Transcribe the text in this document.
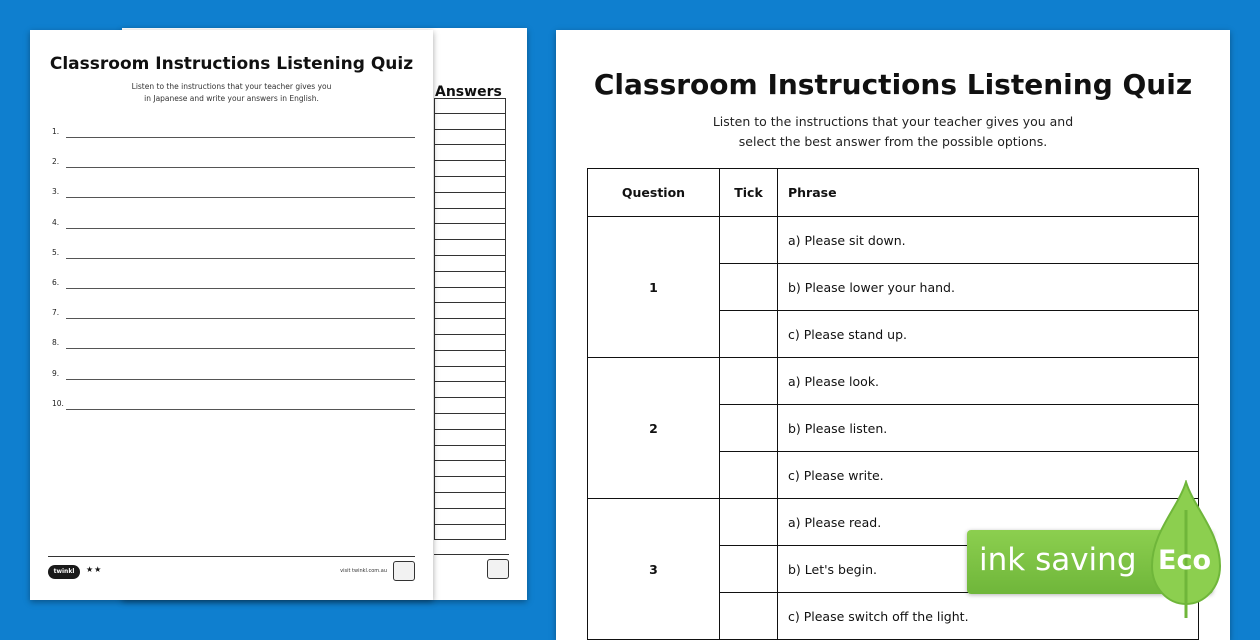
Answers
Classroom Instructions Listening Quiz
Listen to the instructions that your teacher gives you
in Japanese and write your answers in English.
1.
2.
3.
4.
5.
6.
7.
8.
9.
10.
twinkl	★★	visit twinkl.com.au
Classroom Instructions Listening Quiz
Listen to the instructions that your teacher gives you and
select the best answer from the possible options.
Question	Tick	Phrase
1		a) Please sit down.
		b) Please lower your hand.
		c) Please stand up.
2		a) Please look.
		b) Please listen.
		c) Please write.
3		a) Please read.
		b) Let's begin.
		c) Please switch off the light.
ink saving Eco
